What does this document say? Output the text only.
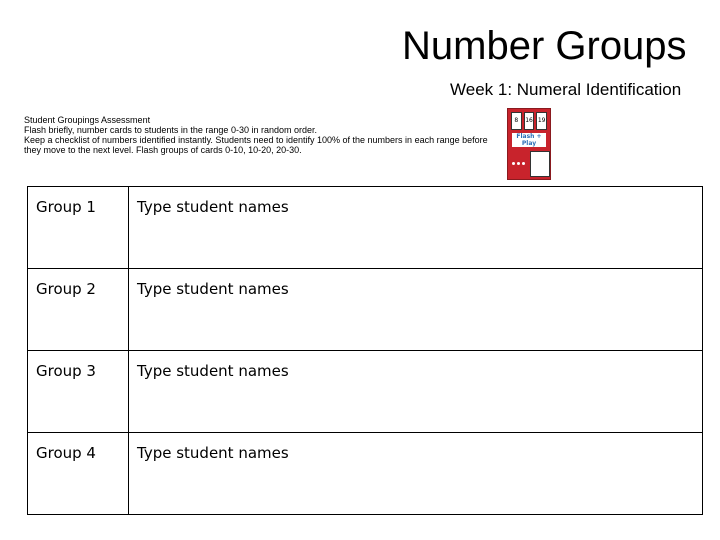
Number Groups
Week 1: Numeral Identification

Student Groupings Assessment

Flash briefly, number cards to students in the range 0-30 in random order.

Keep a checklist of numbers identified instantly. Students need to identify 100% of the numbers in each range before they move to the next level. Flash groups of cards 0-10, 10-20, 20-30.

8	16 19
Flash + Play
Group 1	Type student names
Group 2	Type student names
Group 3	Type student names
Group 4	Type student names
